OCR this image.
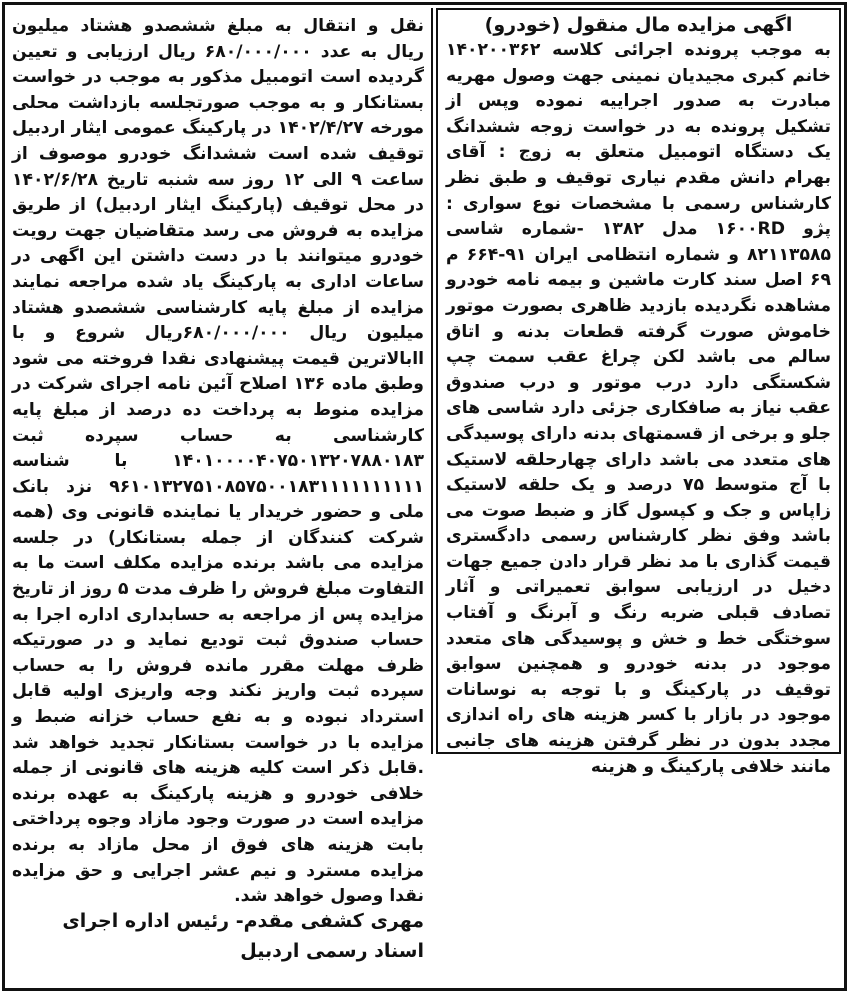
اگهی مزایده مال منقول (خودرو)

به موجب پرونده اجرائی کلاسه ۱۴۰۲۰۰۳۶۲ خانم کبری مجیدیان نمینی جهت وصول مهریه مبادرت به صدور اجراییه نموده وپس از تشکیل پرونده به در خواست زوجه ششدانگ یک دستگاه اتومبیل متعلق به زوج : آقای بهرام دانش مقدم نیاری توقیف و طبق نظر کارشناس رسمی با مشخصات نوع سواری : پژو ۱۶۰۰RD مدل ۱۳۸۲ -شماره شاسی ۸۲۱۱۳۵۸۵ و شماره انتظامی ایران ۹۱-۶۶۴ م ۶۹ اصل سند کارت ماشین و بیمه نامه خودرو مشاهده نگردیده بازدید ظاهری بصورت موتور خاموش صورت گرفته قطعات بدنه و اتاق سالم می باشد لکن چراغ عقب سمت چپ شکستگی دارد درب موتور و درب صندوق عقب نیاز به صافکاری جزئی دارد شاسی های جلو و برخی از قسمتهای بدنه دارای پوسیدگی های متعدد می باشد دارای چهارحلقه لاستیک با آج متوسط ۷۵ درصد و یک حلقه لاستیک زاپاس و جک و کپسول گاز و ضبط صوت می باشد وفق نظر کارشناس رسمی دادگستری قیمت گذاری با مد نظر قرار دادن جمیع جهات دخیل در ارزیابی سوابق تعمیراتی و آثار تصادف قبلی ضربه رنگ و آبرنگ و آفتاب سوختگی خط و خش و پوسیدگی های متعدد موجود در بدنه خودرو و همچنین سوابق توقیف در پارکینگ و با توجه به نوسانات موجود در بازار با کسر هزینه های راه اندازی مجدد بدون در نظر گرفتن هزینه های جانبی مانند خلافی پارکینگ و هزینه

نقل و انتقال به مبلغ ششصدو هشتاد میلیون ریال به عدد ۶۸۰/۰۰۰/۰۰۰ ریال ارزیابی و تعیین گردیده است اتومبیل مذکور به موجب در خواست بستانکار و به موجب صورتجلسه بازداشت محلی مورخه ۱۴۰۲/۴/۲۷ در پارکینگ عمومی ایثار اردبیل توقیف شده است ششدانگ خودرو موصوف از ساعت ۹ الی ۱۲ روز سه شنبه تاریخ ۱۴۰۲/۶/۲۸ در محل توقیف (پارکینگ ایثار اردبیل) از طریق مزایده به فروش می رسد متقاضیان جهت رویت خودرو میتوانند با در دست داشتن این اگهی در ساعات اداری به پارکینگ یاد شده مراجعه نمایند مزایده از مبلغ پایه کارشناسی ششصدو هشتاد میلیون ریال ۶۸۰/۰۰۰/۰۰۰ریال شروع و با اابالاترین قیمت پیشنهادی نقدا فروخته می شود وطبق ماده ۱۳۶ اصلاح آئین نامه اجرای شرکت در مزایده منوط به پرداخت ده درصد از مبلغ پایه کارشناسی به حساب سپرده ثبت ۱۴۰۱۰۰۰۰۴۰۷۵۰۱۳۲۰۷۸۸۰۱۸۳ با شناسه ۹۶۱۰۱۳۲۷۵۱۰۸۵۷۵۰۰۱۸۳۱۱۱۱۱۱۱۱۱۱ نزد بانک ملی و حضور خریدار یا نماینده قانونی وی (همه شرکت کنندگان از جمله بستانکار) در جلسه مزایده می باشد برنده مزایده مکلف است ما به التفاوت مبلغ فروش را ظرف مدت ۵ روز از تاریخ مزایده پس از مراجعه به حسابداری اداره اجرا به حساب صندوق ثبت تودیع نماید و در صورتیکه ظرف مهلت مقرر مانده فروش را به حساب سپرده ثبت واریز نکند وجه واریزی اولیه قابل استرداد نبوده و به نفع حساب خزانه ضبط و مزایده با در خواست بستانکار تجدید خواهد شد .قابل ذکر است کلیه هزینه های قانونی از جمله خلافی خودرو و هزینه پارکینگ به عهده برنده مزایده است در صورت وجود مازاد وجوه پرداختی بابت هزینه های فوق از محل مازاد به برنده مزایده مسترد و نیم عشر اجرایی و حق مزایده نقدا وصول خواهد شد.

مهری کشفی مقدم- رئیس اداره اجرای اسناد رسمی اردبیل
